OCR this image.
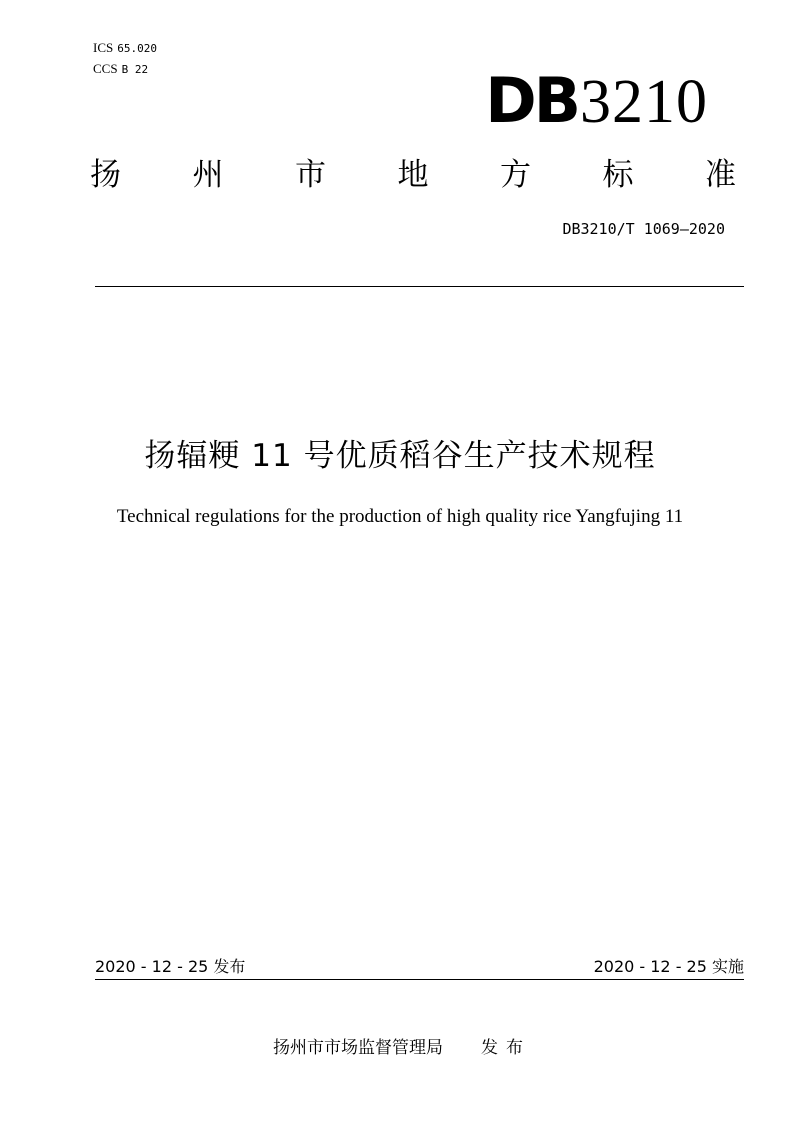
ICS 65.020
CCS B 22	DB3210
扬 州 市 地 方 标 准
DB3210/T 1069—2020
扬辐粳 11 号优质稻谷生产技术规程
Technical regulations for the production of high quality rice Yangfujing 11
2020 - 12 - 25 发布	2020 - 12 - 25 实施
扬州市市场监督管理局 发布
